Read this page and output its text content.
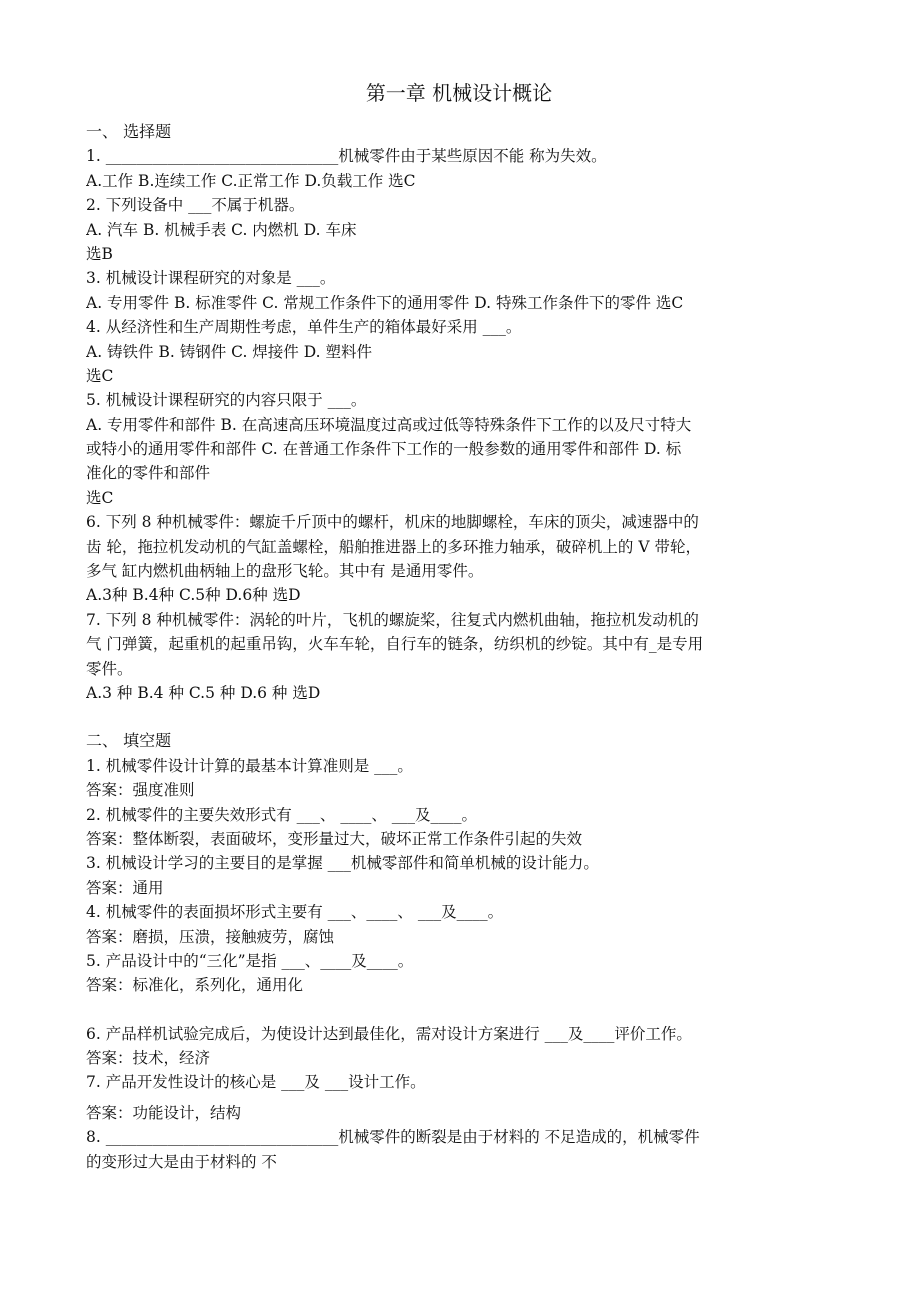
第一章 机械设计概论
一、 选择题
1. ______________________________机械零件由于某些原因不能 称为失效。
A.工作 B.连续工作 C.正常工作 D.负载工作 选C
2. 下列设备中 ___不属于机器。
A. 汽车 B. 机械手表 C. 内燃机 D. 车床
选B
3. 机械设计课程研究的对象是 ___。
A. 专用零件 B. 标准零件 C. 常规工作条件下的通用零件 D. 特殊工作条件下的零件 选C
4. 从经济性和生产周期性考虑，单件生产的箱体最好采用 ___。
A. 铸铁件 B. 铸钢件 C. 焊接件 D. 塑料件
选C
5. 机械设计课程研究的内容只限于 ___。
A. 专用零件和部件 B. 在高速高压环境温度过高或过低等特殊条件下工作的以及尺寸特大
或特小的通用零件和部件 C. 在普通工作条件下工作的一般参数的通用零件和部件 D. 标
准化的零件和部件
选C
6. 下列 8 种机械零件：螺旋千斤顶中的螺杆，机床的地脚螺栓，车床的顶尖，减速器中的
齿 轮，拖拉机发动机的气缸盖螺栓，船舶推进器上的多环推力轴承，破碎机上的 V 带轮，
多气 缸内燃机曲柄轴上的盘形飞轮。其中有 是通用零件。
A.3种 B.4种 C.5种 D.6种 选D
7. 下列 8 种机械零件：涡轮的叶片，飞机的螺旋桨，往复式内燃机曲轴，拖拉机发动机的
气 门弹簧，起重机的起重吊钩，火车车轮，自行车的链条，纺织机的纱锭。其中有_是专用
零件。
A.3 种 B.4 种 C.5 种 D.6 种 选D
二、 填空题
1. 机械零件设计计算的最基本计算准则是 ___。
答案：强度准则
2. 机械零件的主要失效形式有 ___、 ____、 ___及____。
答案：整体断裂，表面破坏，变形量过大，破坏正常工作条件引起的失效
3. 机械设计学习的主要目的是掌握 ___机械零部件和简单机械的设计能力。
答案：通用
4. 机械零件的表面损坏形式主要有 ___、____、 ___及____。
答案：磨损，压溃，接触疲劳，腐蚀
5. 产品设计中的“三化”是指 ___、____及____。
答案：标准化，系列化，通用化
6. 产品样机试验完成后，为使设计达到最佳化，需对设计方案进行 ___及____评价工作。
答案：技术，经济
7. 产品开发性设计的核心是 ___及 ___设计工作。
答案：功能设计，结构
8. ______________________________机械零件的断裂是由于材料的 不足造成的，机械零件
的变形过大是由于材料的 不
